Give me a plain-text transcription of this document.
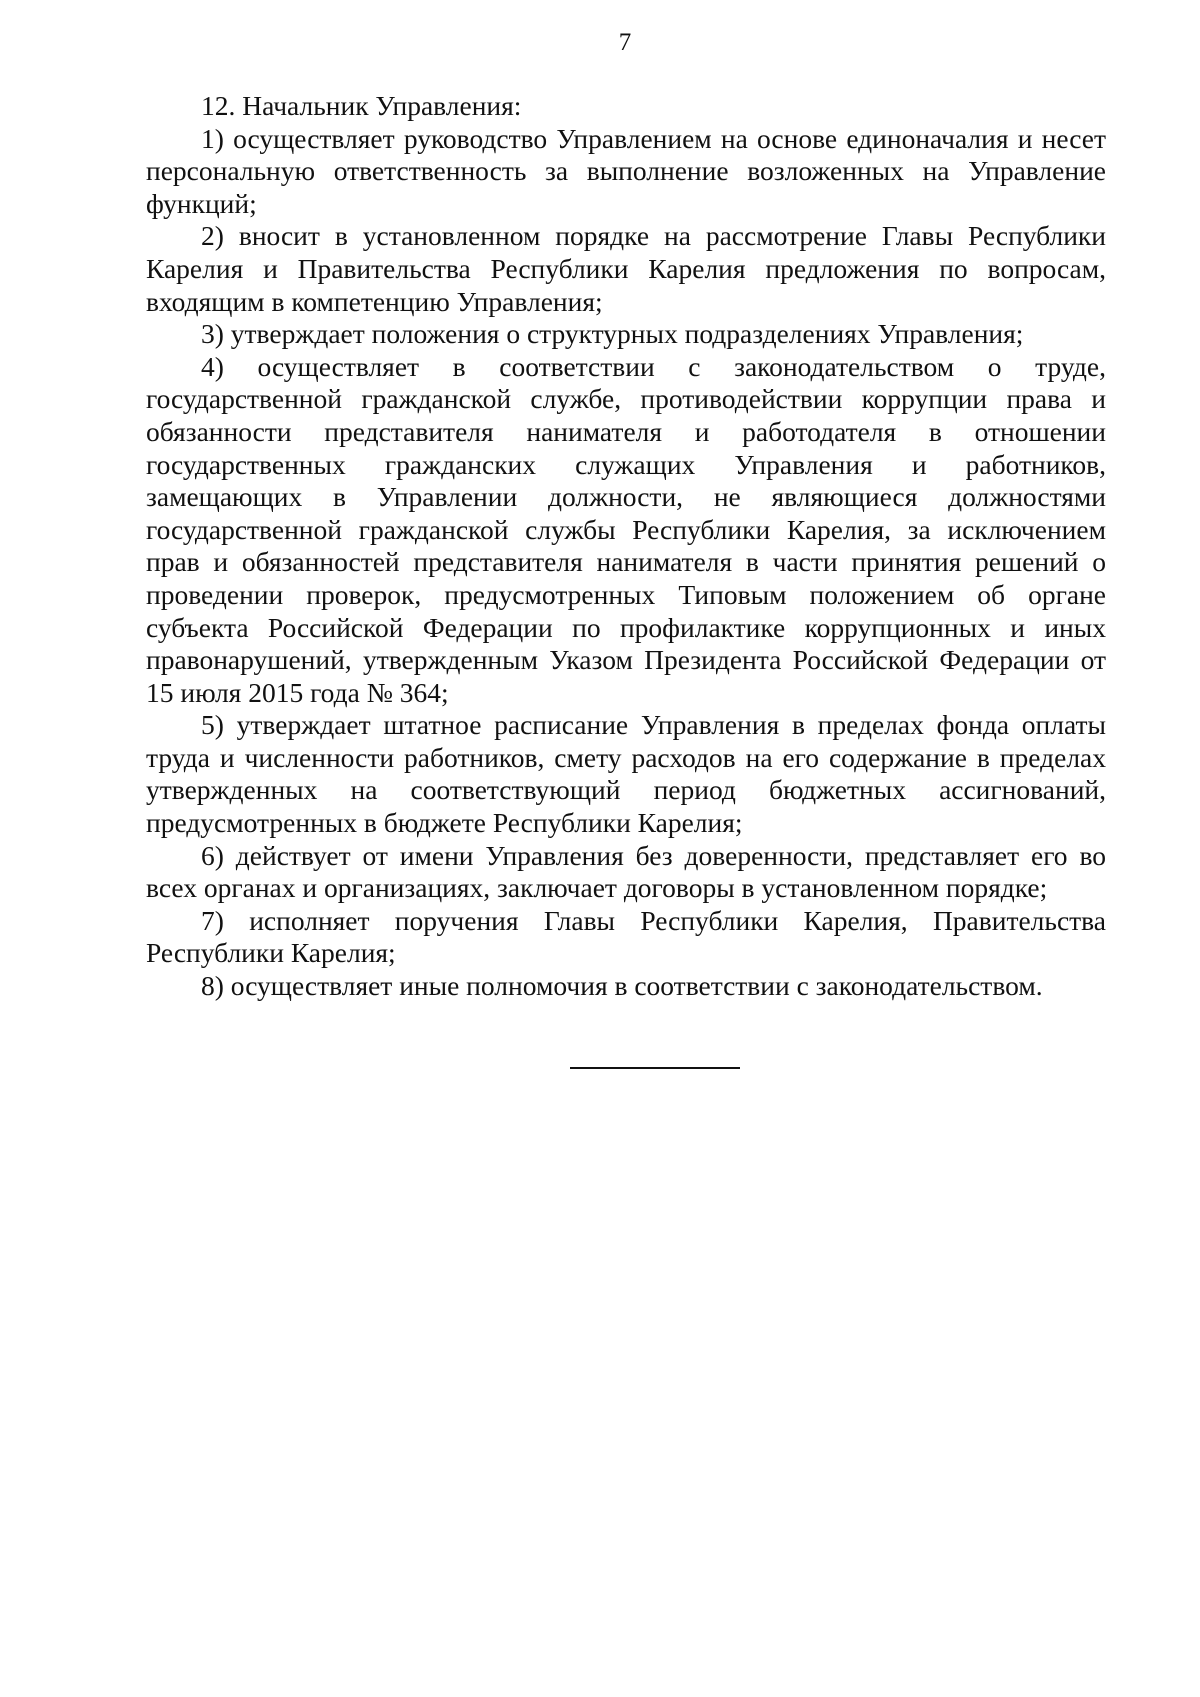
7

12. Начальник Управления:

1) осуществляет руководство Управлением на основе единоначалия и несет персональную ответственность за выполнение возложенных на Управление функций;

2) вносит в установленном порядке на рассмотрение Главы Республики Карелия и Правительства Республики Карелия предложения по вопросам, входящим в компетенцию Управления;

3) утверждает положения о структурных подразделениях Управления;

4) осуществляет в соответствии с законодательством о труде, государственной гражданской службе, противодействии коррупции права и обязанности представителя нанимателя и работодателя в отношении государственных гражданских служащих Управления и работников, замещающих в Управлении должности, не являющиеся должностями государственной гражданской службы Республики Карелия, за исключением прав и обязанностей представителя нанимателя в части принятия решений о проведении проверок, предусмотренных Типовым положением об органе субъекта Российской Федерации по профилактике коррупционных и иных правонарушений, утвержденным Указом Президента Российской Федерации от 15 июля 2015 года № 364;

5) утверждает штатное расписание Управления в пределах фонда оплаты труда и численности работников, смету расходов на его содержание в пределах утвержденных на соответствующий период бюджетных ассигнований, предусмотренных в бюджете Республики Карелия;

6) действует от имени Управления без доверенности, представляет его во всех органах и организациях, заключает договоры в установленном порядке;

7) исполняет поручения Главы Республики Карелия, Правительства Республики Карелия;

8) осуществляет иные полномочия в соответствии с законодательством.
